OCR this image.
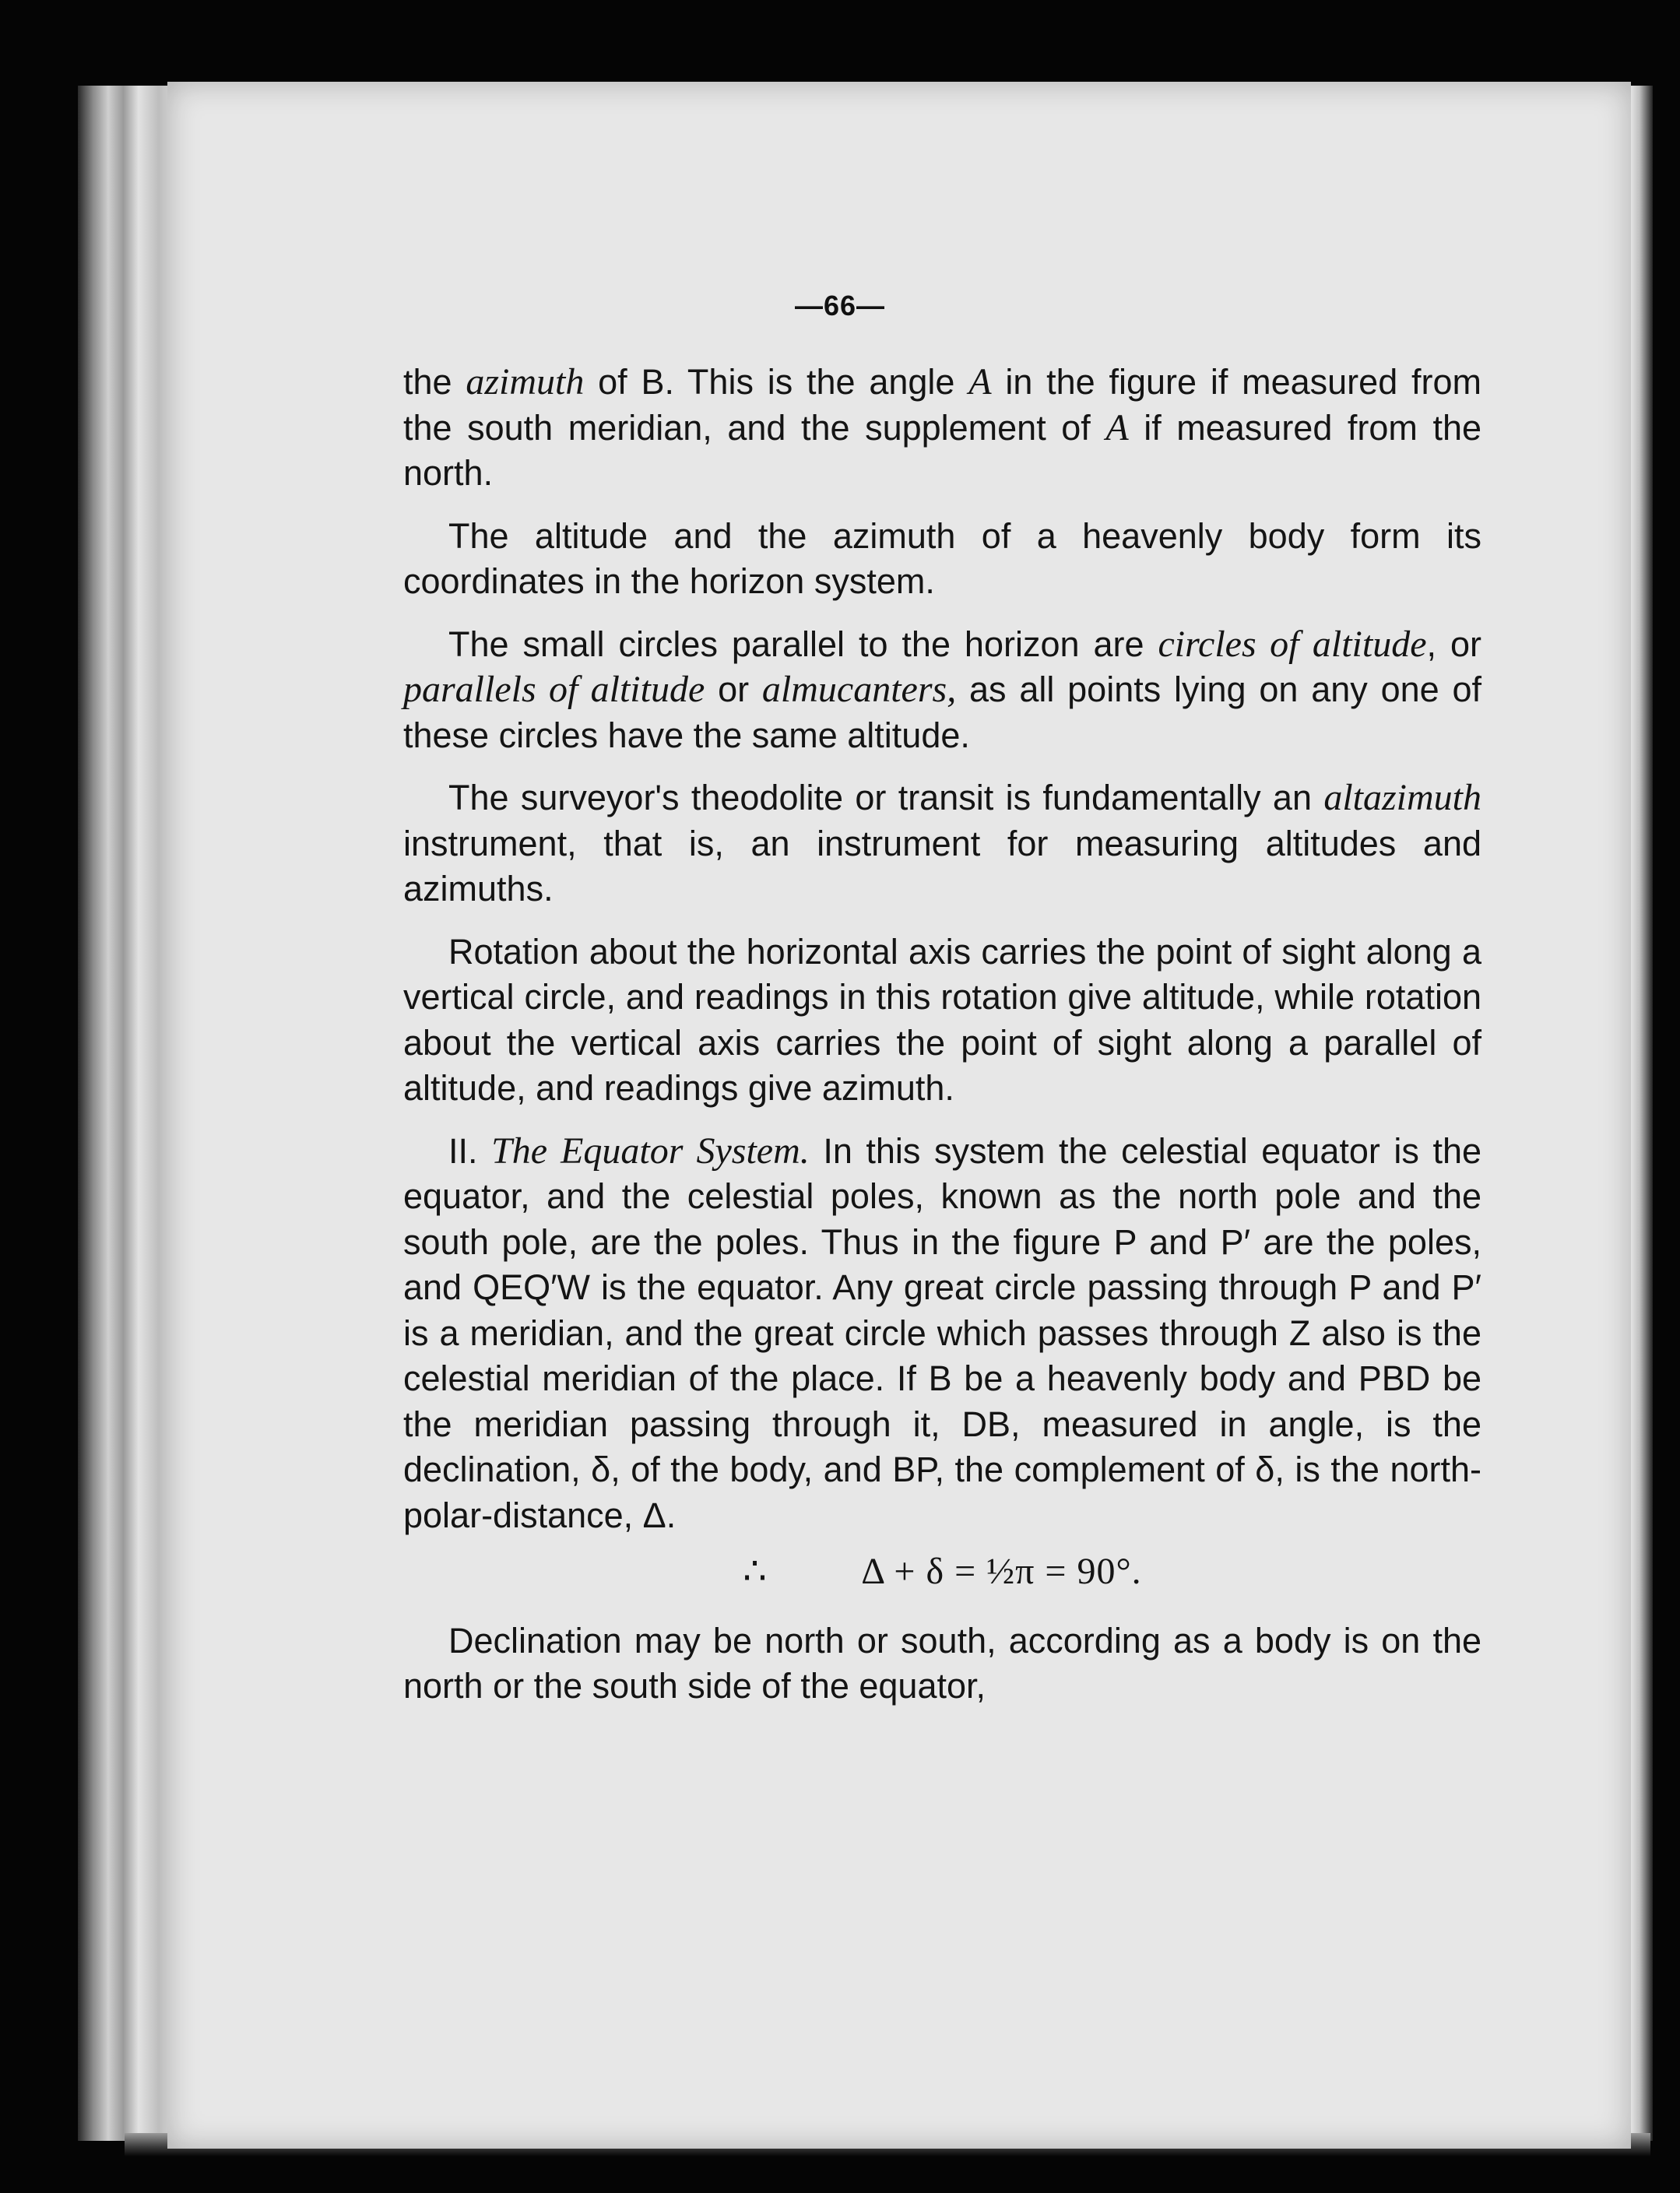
—66—

the azimuth of B. This is the angle A in the figure if measured from the south meridian, and the supplement of A if measured from the north.

The altitude and the azimuth of a heavenly body form its coordinates in the horizon system.

The small circles parallel to the horizon are circles of altitude, or parallels of altitude or almucanters, as all points lying on any one of these circles have the same altitude.

The surveyor's theodolite or transit is fundamentally an altazimuth instrument, that is, an instrument for measuring altitudes and azimuths.

Rotation about the horizontal axis carries the point of sight along a vertical circle, and readings in this rotation give altitude, while rotation about the vertical axis carries the point of sight along a parallel of altitude, and readings give azimuth.

II. The Equator System. In this system the celestial equator is the equator, and the celestial poles, known as the north pole and the south pole, are the poles. Thus in the figure P and P′ are the poles, and QEQ′W is the equator. Any great circle passing through P and P′ is a meridian, and the great circle which passes through Z also is the celestial meridian of the place. If B be a heavenly body and PBD be the meridian passing through it, DB, measured in angle, is the declination, δ, of the body, and BP, the complement of δ, is the north-polar-distance, Δ.

∴	Δ + δ = ½π = 90°.

Declination may be north or south, according as a body is on the north or the south side of the equator,
